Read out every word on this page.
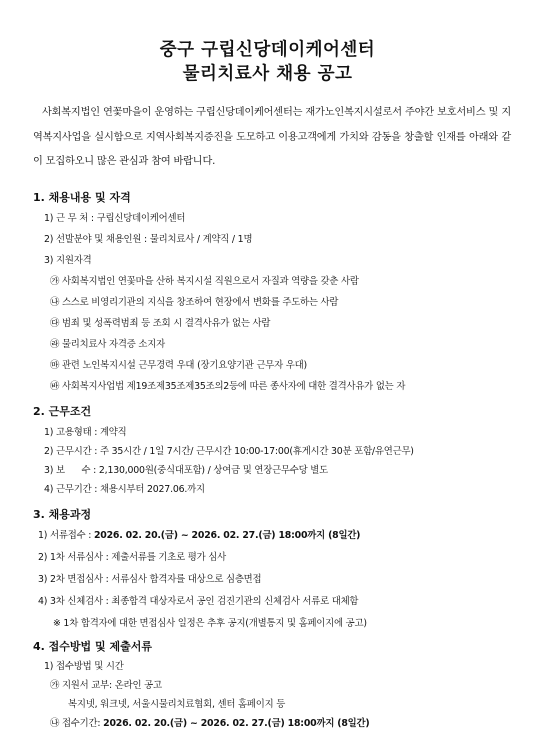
중구 구립신당데이케어센터
물리치료사 채용 공고
사회복지법인 연꽃마을이 운영하는 구립신당데이케어센터는 재가노인복지시설로서 주야간 보호서비스 및 지역복지사업을 실시함으로 지역사회복지증진을 도모하고 이용고객에게 가치와 감동을 창출할 인재를 아래와 같이 모집하오니 많은 관심과 참여 바랍니다.
1. 채용내용 및 자격
1) 근 무 처 : 구립신당데이케어센터
2) 선발분야 및 채용인원 : 물리치료사 / 계약직 / 1명
3) 지원자격
㉮ 사회복지법인 연꽃마을 산하 복지시설 직원으로서 자질과 역량을 갖춘 사람
㉯ 스스로 비영리기관의 지식을 창조하여 현장에서 변화를 주도하는 사람
㉰ 범죄 및 성폭력범죄 등 조회 시 결격사유가 없는 사람
㉱ 물리치료사 자격증 소지자
㉲ 관련 노인복지시설 근무경력 우대 (장기요양기관 근무자 우대)
㉳ 사회복지사업법 제19조제35조제35조의2등에 따른 종사자에 대한 결격사유가 없는 자
2. 근무조건
1) 고용형태 : 계약직
2) 근무시간 : 주 35시간 / 1일 7시간/ 근무시간 10:00-17:00(휴게시간 30분 포함/유연근무)
3) 보      수 : 2,130,000원(중식대포함) / 상여금 및 연장근무수당 별도
4) 근무기간 : 채용시부터 2027.06.까지
3. 채용과정
1) 서류접수 : 2026. 02. 20.(금) ~ 2026. 02. 27.(금) 18:00까지 (8일간)
2) 1차 서류심사 : 제출서류를 기초로 평가 심사
3) 2차 면접심사 : 서류심사 합격자를 대상으로 심층면접
4) 3차 신체검사 : 최종합격 대상자로서 공인 검진기관의 신체검사 서류로 대체함
※ 1차 합격자에 대한 면접심사 일정은 추후 공지(개별통지 및 홈페이지에 공고)
4. 접수방법 및 제출서류
1) 접수방법 및 시간
㉮ 지원서 교부: 온라인 공고
복지넷, 워크넷, 서울시물리치료협회, 센터 홈페이지 등
㉯ 접수기간: 2026. 02. 20.(금) ~ 2026. 02. 27.(금) 18:00까지 (8일간)
